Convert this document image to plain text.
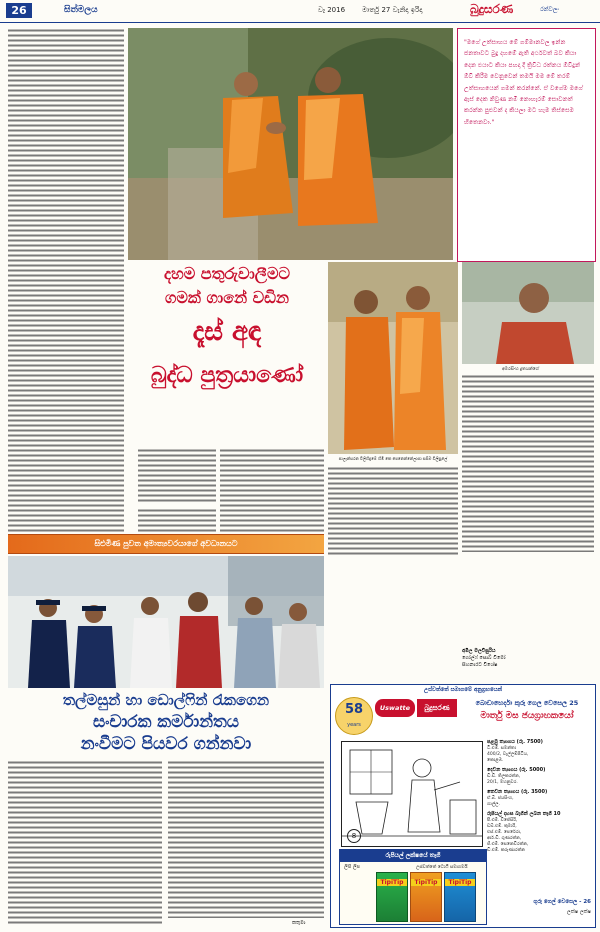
26	සිත්මලය	වෑ 2016 මාර්තු 27 වැනිදා ඉරිදා	බුදුසරණ	රන්වලං
"මගේ උත්සාහය මේ ගම්මානවල ඉන්න ජනතාවට බුදු දහමේ ඇති අර්ථවත් බව කියා දෙන එයාට කියා පහදා දී ත්‍රිවිධ රත්නය ඕවිදුන් ඕවි කිරීම වෙනුවෙන් තමයි මම මේ තරම් උත්සාහයෙන් ගමන් කරන්නේ. ඒ වගේම මගේ ඇස් දෙක නිවුණ නමි නොහැරම් සොවනත් කරන්න පුළුවන් ද කියලා මට හැම තිස්සෙම හිතෙනවා."
දහම පතුරුවාලීමට
ගමක් ගානේ වඩින
දෑස් අඳ
බුද්ධ පුත්‍රයාණෝ	අමරසිංහ දූතයන්ගේ
පාලැන්සරන විලිහිඳුමේ හිමි කෙ පෙනෙන්නේලාපා සසිම විලිසුලේ
අමිල මලවිසුරිය
ගෝල්ෆ් සොබ් විමෝ
සිහනාරට විශේෂ
සිළුමිණ පුවත අමාත්‍යවරයාගේ අවධානයට
තල්මසුන් හා ඩොල්ෆින් රැකගෙන
සංචාරක කර්මාන්තය
නංවීමට පියවර ගන්නවා
කතුමා
උස්වත්තේ සමාගමේ අනුග්‍රහයෙන්
58
years
Uswatte	බුදුසරණ
බොඩාභෙර්දා කුරු ගෙල වෙසෙල 25
මාර්තු මස ජයග්‍රාහකයෝ
8
පළමු ත්‍යාගය (රු. 7500)
ටී.එම්. සමන්තා
400/2, වැල්ලම්පිටිය,
කොළඹ.
දෙවන ත්‍යාගය (රු. 5000)
ඩී.ඩී. තිලකරත්න,
20/1, මහනුවර.
තෙවන ත්‍යාගය (රු. 3500)
ඒ.බී. ජයසිංහ,
ගාල්ල.
රුපියල් දහස බැගින් ලබන තෑගි 10
පී.එම්. විජේසිරි,
ඩබ්.එම්. කුමාරි,
එස්.එම්. පෙරේරා,
ආර්.ඩී. ගුණරත්න,
ජී.එම්. සෙනෙවිරත්න,
ඩී.එම්. කරුණාරත්න
රුපියල් ලක්ෂයේ තෑගි
ලිපි ලිප	උස්වත්තේ ටොෆී සමාගමයි
TipiTip	TipiTip	TipiTip
ගුරු ගෙල් වෙසෙල - 26
ලක්ෂ ලක්ෂ
තලවුන්නේ උප ස්වාමීන් ගාල්ලේ
